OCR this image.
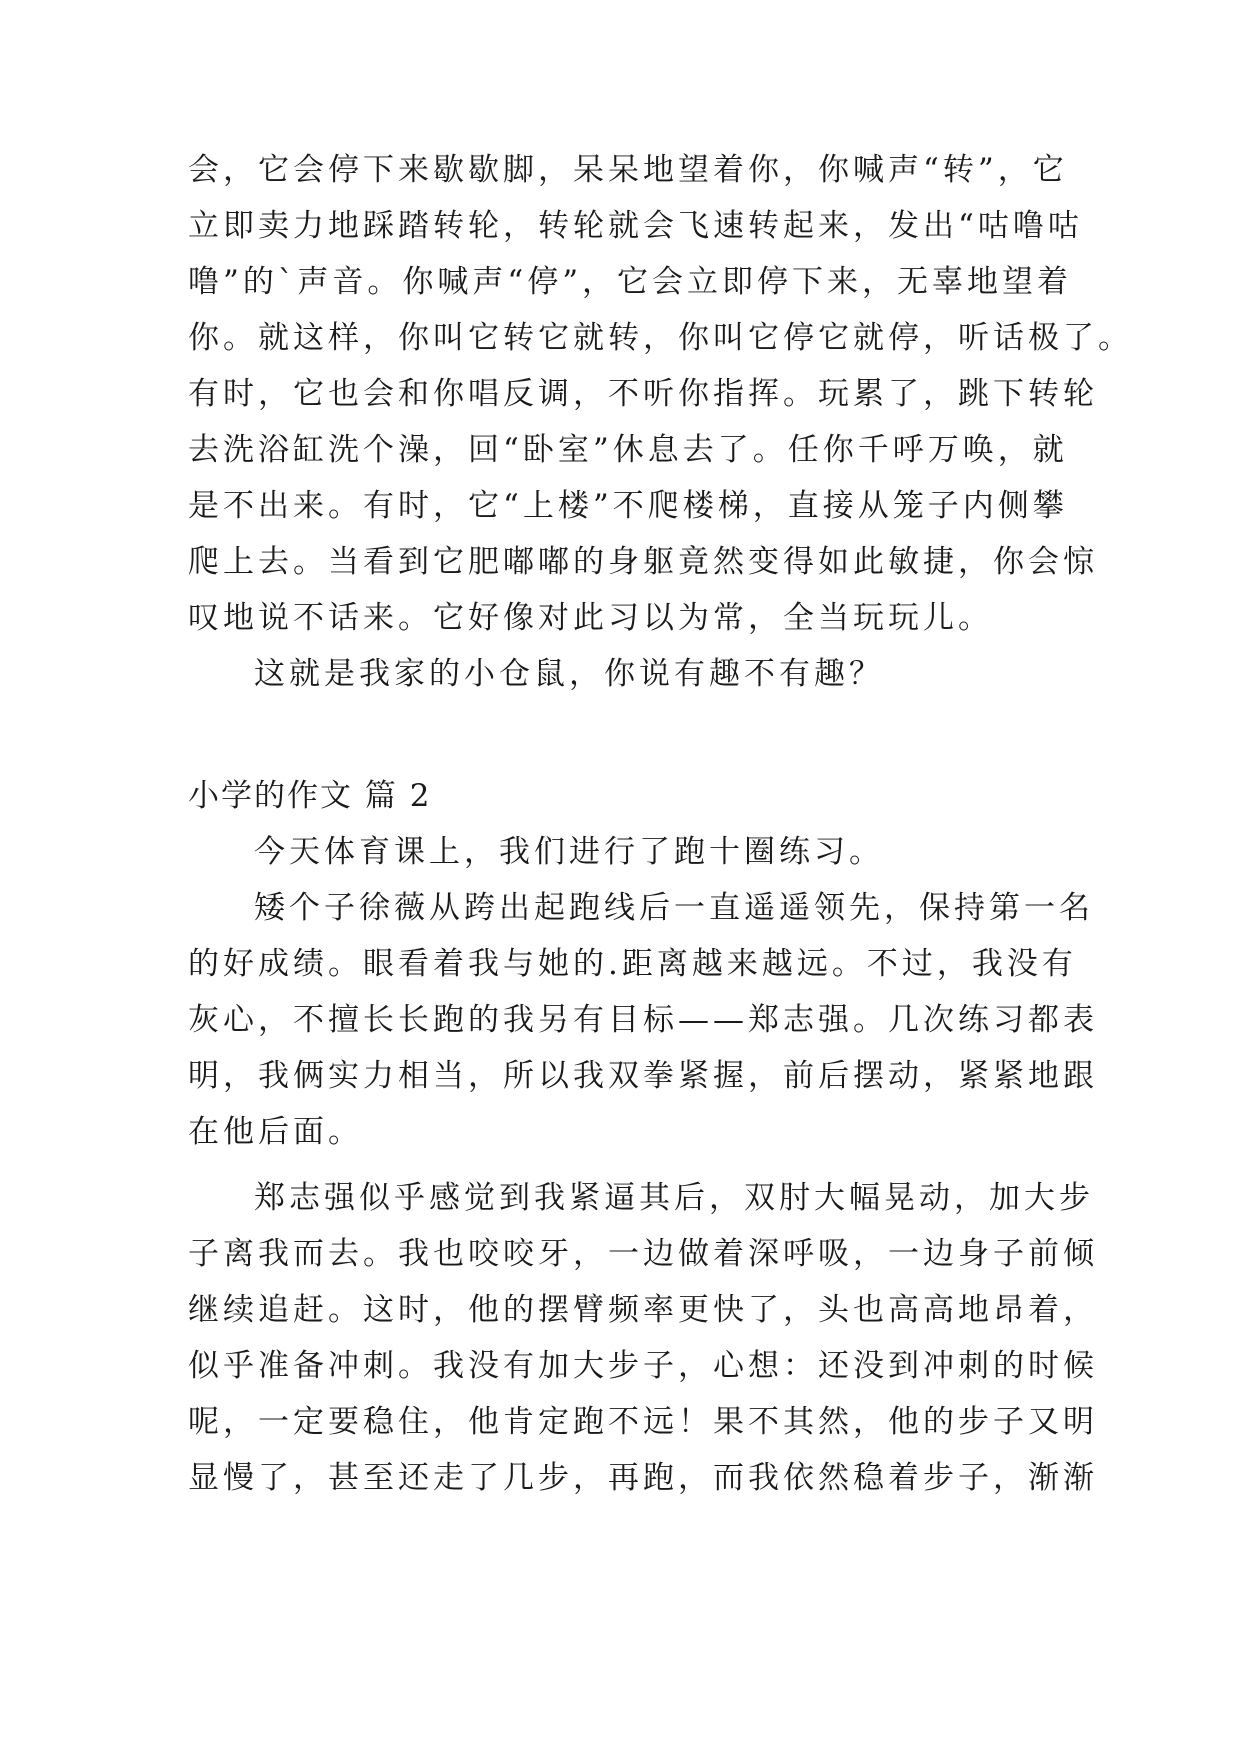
会，它会停下来歇歇脚，呆呆地望着你，你喊声“转”，它
立即卖力地踩踏转轮，转轮就会飞速转起来，发出“咕噜咕
噜”的`声音。你喊声“停”，它会立即停下来，无辜地望着
你。就这样，你叫它转它就转，你叫它停它就停，听话极了。
有时，它也会和你唱反调，不听你指挥。玩累了，跳下转轮
去洗浴缸洗个澡，回“卧室”休息去了。任你千呼万唤，就
是不出来。有时，它“上楼”不爬楼梯，直接从笼子内侧攀
爬上去。当看到它肥嘟嘟的身躯竟然变得如此敏捷，你会惊
叹地说不话来。它好像对此习以为常，全当玩玩儿。
这就是我家的小仓鼠，你说有趣不有趣？
小学的作文 篇 2
今天体育课上，我们进行了跑十圈练习。
矮个子徐薇从跨出起跑线后一直遥遥领先，保持第一名
的好成绩。眼看着我与她的.距离越来越远。不过，我没有
灰心，不擅长长跑的我另有目标——郑志强。几次练习都表
明，我俩实力相当，所以我双拳紧握，前后摆动，紧紧地跟
在他后面。
郑志强似乎感觉到我紧逼其后，双肘大幅晃动，加大步
子离我而去。我也咬咬牙，一边做着深呼吸，一边身子前倾
继续追赶。这时，他的摆臂频率更快了，头也高高地昂着，
似乎准备冲刺。我没有加大步子，心想：还没到冲刺的时候
呢，一定要稳住，他肯定跑不远！果不其然，他的步子又明
显慢了，甚至还走了几步，再跑，而我依然稳着步子，渐渐
